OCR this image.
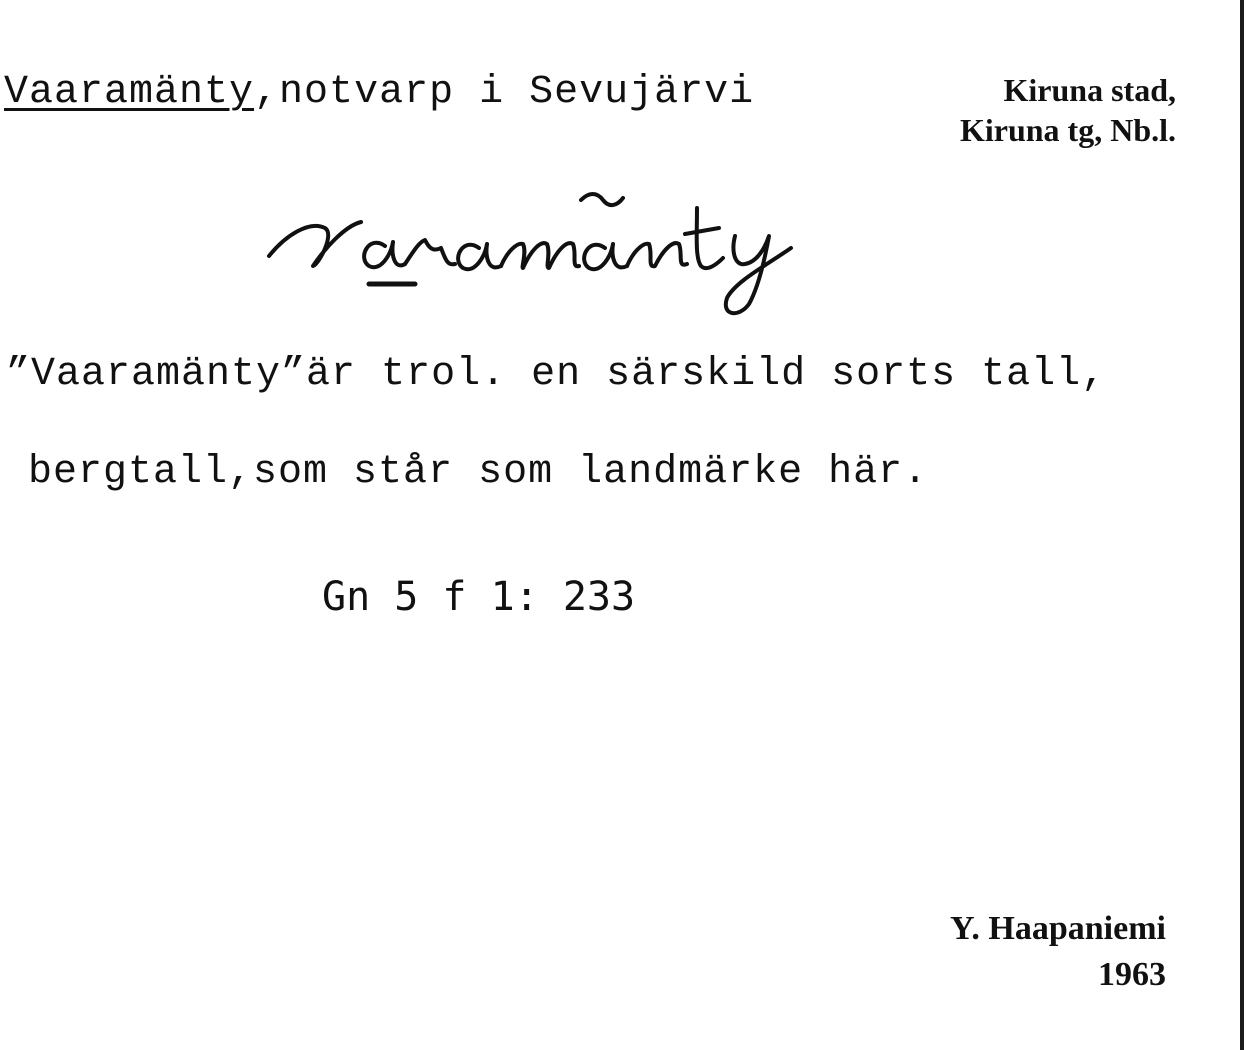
Vaaramänty,notvarp i Sevujärvi	Kiruna stad,
Kiruna tg, Nb.l.
vaaramänty
”Vaaramänty”är trol. en särskild sorts tall,
bergtall,som står som landmärke här.
Gn 5 f 1: 233
Y. Haapaniemi
1963
